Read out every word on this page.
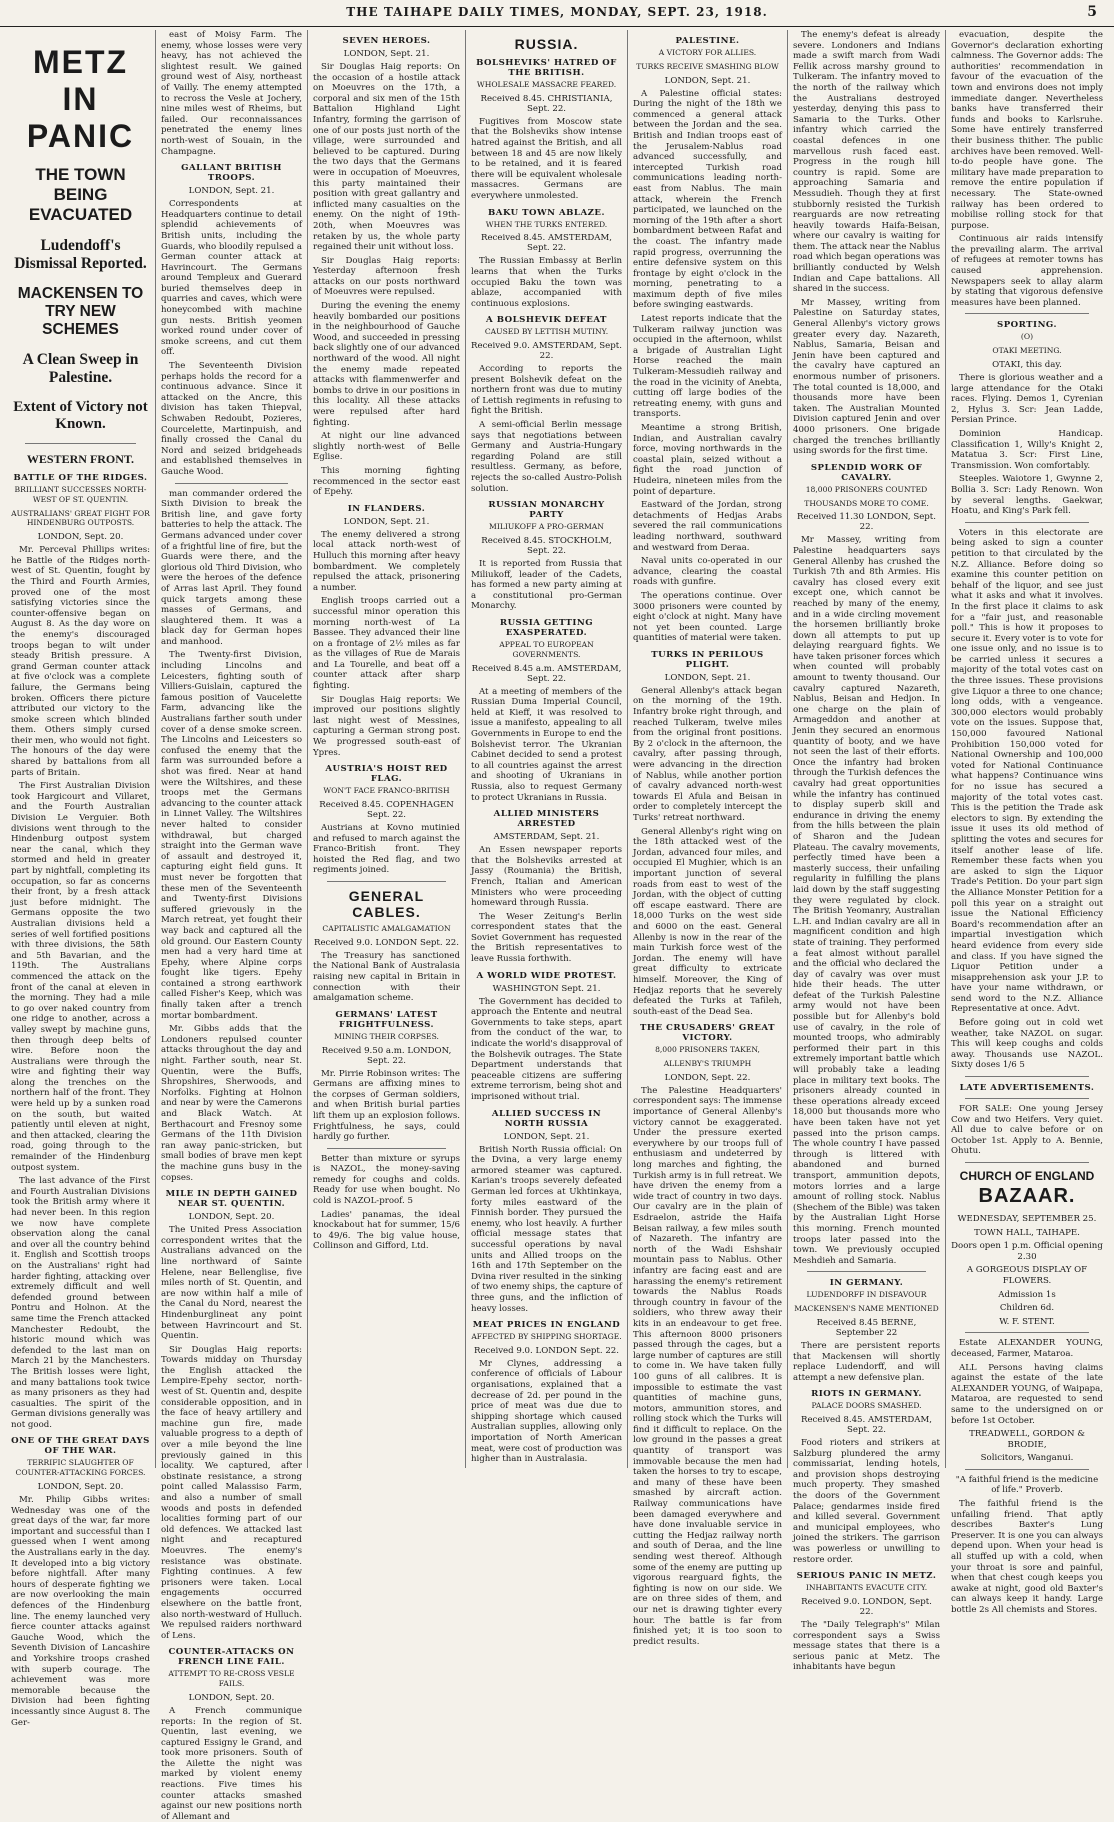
THE TAIHAPE DAILY TIMES, MONDAY, SEPT. 23, 1918.	5
METZ IN PANIC
THE TOWN BEING EVACUATED
Ludendoff's Dismissal Reported.
MACKENSEN TO TRY NEW SCHEMES
A Clean Sweep in Palestine.
Extent of Victory not Known.
WESTERN FRONT.
BATTLE OF THE RIDGES.
BRILLIANT SUCCESSES NORTH-WEST OF ST. QUENTIN.
AUSTRALIANS' GREAT FIGHT FOR HINDENBURG OUTPOSTS.
LONDON, Sept. 20.

Mr. Perceval Phillips writes: he Battle of the Ridges north-west of St. Quentin, fought by the Third and Fourth Armies, proved one of the most satisfying victories since the counter-offensive began on August 8. As the day wore on the enemy's discouraged troops began to wilt under steady British pressure. A grand German counter attack at five o'clock was a complete failure, the Germans being broken. Officers there picture attributed our victory to the smoke screen which blinded them. Others simply cursed their men, who would not fight. The honours of the day were shared by battalions from all parts of Britain.

The First Australian Division took Hargicourt and Villaret, and the Fourth Australian Division Le Verguier. Both divisions went through to the Hindenburg outpost system near the canal, which they stormed and held in greater part by nightfall, completing its occupation, so far as concerns their front, by a fresh attack just before midnight. The Germans opposite the two Australian divisions held a series of well fortified positions with three divisions, the 58th and 5th Bavarian, and the 119th. The Australians commenced the attack on the front of the canal at eleven in the morning. They had a mile to go over naked country from one ridge to another, across a valley swept by machine guns, then through deep belts of wire. Before noon the Australians were through the wire and fighting their way along the trenches on the northern half of the front. They were held up by a sunken road on the south, but waited patiently until eleven at night, and then attacked, clearing the road, going through to the remainder of the Hindenburg outpost system.

The last advance of the First and Fourth Australian Divisions took the British army where it had never been. In this region we now have complete observation along the canal and over all the country behind it. English and Scottish troops on the Australians' right had harder fighting, attacking over extremely difficult and well defended ground between Pontru and Holnon. At the same time the French attacked Manchester Redoubt, the historic mound which was defended to the last man on March 21 by the Manchesters. The British losses were light, and many battalions took twice as many prisoners as they had casualties. The spirit of the German divisions generally was not good.

ONE OF THE GREAT DAYS OF THE WAR.
TERRIFIC SLAUGHTER OF COUNTER-ATTACKING FORCES.
LONDON, Sept. 20.

Mr. Philip Gibbs writes: Wednesday was one of the great days of the war, far more important and successful than I guessed when I went among the Australians early in the day. It developed into a big victory before nightfall. After many hours of desperate fighting we are now overlooking the main defences of the Hindenburg line. The enemy launched very fierce counter attacks against Gauche Wood, which the Seventh Division of Lancashire and Yorkshire troops crashed with superb courage. The achievement was more memorable because the Division had been fighting incessantly since August 8. The Ger-

east of Moisy Farm. The enemy, whose losses were very heavy, has not achieved the slightest result. We gained ground west of Aisy, northeast of Vailly. The enemy attempted to recross the Vesle at Jochery, nine miles west of Rheims, but failed. Our reconnaissances penetrated the enemy lines north-west of Souain, in the Champagne.

GALLANT BRITISH TROOPS.
LONDON, Sept. 21.

Correspondents at Headquarters continue to detail splendid achievements of British units, including the Guards, who bloodily repulsed a German counter attack at Havrincourt. The Germans around Templeux and Guerard buried themselves deep in quarries and caves, which were honeycombed with machine gun nests. British yeomen worked round under cover of smoke screens, and cut them off.

The Seventeenth Division perhaps holds the record for a continuous advance. Since it attacked on the Ancre, this division has taken Thiepval, Schwaben Redoubt, Pozieres, Courcelette, Martinpuish, and finally crossed the Canal du Nord and seized bridgeheads and established themselves in Gauche Wood.

man commander ordered the Sixth Division to break the British line, and gave forty batteries to help the attack. The Germans advanced under cover of a frightful line of fire, but the Guards were there, and the glorious old Third Division, who were the heroes of the defence of Arras last April. They found quick targets among these masses of Germans, and slaughtered them. It was a black day for German hopes and manhood.

The Twenty-first Division, including Lincolns and Leicesters, fighting south of Villiers-Guislain, captured the famous position of Vaucelette Farm, advancing like the Australians farther south under cover of a dense smoke screen. The Lincolns and Leicesters so confused the enemy that the farm was surrounded before a shot was fired. Near at hand were the Wiltshires, and these troops met the Germans advancing to the counter attack in Linnet Valley. The Wiltshires never halted to consider withdrawal, but charged straight into the German wave of assault and destroyed it, capturing eight field guns. It must never be forgotten that these men of the Seventeenth and Twenty-first Divisions suffered grievously in the March retreat, yet fought their way back and captured all the old ground. Our Eastern County men had a very hard time at Epehy, where Alpine corps fought like tigers. Epehy contained a strong earthwork called Fisher's Keep, which was finally taken after a trench mortar bombardment.

Mr. Gibbs adds that the Londoners repulsed counter attacks throughout the day and night. Farther south, near St. Quentin, were the Buffs, Shropshires, Sherwoods, and Norfolks. Fighting at Holnon and near by were the Camerons and Black Watch. At Berthacourt and Fresnoy some Germans of the 11th Division ran away panic-stricken, but small bodies of brave men kept the machine guns busy in the copses.

MILE IN DEPTH GAINED NEAR ST. QUENTIN.
LONDON, Sept. 20.

The United Press Association correspondent writes that the Australians advanced on the line northward of Sainte Helene, near Bellenglise, five miles north of St. Quentin, and are now within half a mile of the Canal du Nord, nearest the Hindenburglineat any point between Havrincourt and St. Quentin.

Sir Douglas Haig reports: Towards midday on Thursday the English attacked the Lempire-Epehy sector, north-west of St. Quentin and, despite considerable opposition, and in the face of heavy artillery and machine gun fire, made valuable progress to a depth of over a mile beyond the line previously gained in this locality. We captured, after obstinate resistance, a strong point called Malassiso Farm, and also a number of small woods and posts in defended localities forming part of our old defences. We attacked last night and recaptured Moeuvres. The enemy's resistance was obstinate. Fighting continues. A few prisoners were taken. Local engagements occurred elsewhere on the battle front, also north-westward of Hulluch. We repulsed raiders northward of Lens.

COUNTER-ATTACKS ON FRENCH LINE FAIL.
ATTEMPT TO RE-CROSS VESLE FAILS.
LONDON, Sept. 20.

A French communique reports: In the region of St. Quentin, last evening, we captured Essigny le Grand, and took more prisoners. South of the Ailette the night was marked by violent enemy reactions. Five times his counter attacks smashed against our new positions north of Allemant and

SEVEN HEROES.
LONDON, Sept. 21.

Sir Douglas Haig reports: On the occasion of a hostile attack on Moeuvres on the 17th, a corporal and six men of the 15th Battalion Highland Light Infantry, forming the garrison of one of our posts just north of the village, were surrounded and believed to be captured. During the two days that the Germans were in occupation of Moeuvres, this party maintained their position with great gallantry and inflicted many casualties on the enemy. On the night of 19th-20th, when Moeuvres was retaken by us, the whole party regained their unit without loss.

Sir Douglas Haig reports: Yesterday afternoon fresh attacks on our posts northward of Moeuvres were repulsed.

During the evening the enemy heavily bombarded our positions in the neighbourhood of Gauche Wood, and succeeded in pressing back slightly one of our advanced northward of the wood. All night the enemy made repeated attacks with flammenwerfer and bombs to drive in our positions in this locality. All these attacks were repulsed after hard fighting.

At night our line advanced slightly north-west of Belle Eglise.

This morning fighting recommenced in the sector east of Epehy.

IN FLANDERS.
LONDON, Sept. 21.

The enemy delivered a strong local attack north-west of Hulluch this morning after heavy bombardment. We completely repulsed the attack, prisonering a number.

English troops carried out a successful minor operation this morning north-west of La Bassee. They advanced their line on a frontage of 2½ miles as far as the villages of Rue de Marais and La Tourelle, and beat off a counter attack after sharp fighting.

Sir Douglas Haig reports: We improved our positions slightly last night west of Messines, capturing a German strong post. We progressed south-east of Ypres.

AUSTRIA'S HOIST RED FLAG.
WON'T FACE FRANCO-BRITISH
Received 8.45. COPENHAGEN Sept. 22.

Austrians at Kovno mutinied and refused to march against the Franco-British front. They hoisted the Red flag, and two regiments joined.

GENERAL CABLES.
CAPITALISTIC AMALGAMATION
Received 9.0. LONDON Sept. 22.

The Treasury has sanctioned the National Bank of Australasia raising new capital in Britain in connection with their amalgamation scheme.

GERMANS' LATEST FRIGHTFULNESS.
MINING THEIR CORPSES.
Received 9.50 a.m. LONDON, Sept. 22.

Mr. Pirrie Robinson writes: The Germans are affixing mines to the corpses of German soldiers, and when British burial parties lift them up an explosion follows. Frightfulness, he says, could hardly go further.

Better than mixture or syrups is NAZOL, the money-saving remedy for coughs and colds. Ready for use when bought. No cold is NAZOL-proof. 5

Ladies' panamas, the ideal knockabout hat for summer, 15/6 to 49/6. The big value house, Collinson and Gifford, Ltd.

RUSSIA.
BOLSHEVIKS' HATRED OF THE BRITISH.
WHOLESALE MASSACRE FEARED.
Received 8.45. CHRISTIANIA, Sept. 22.

Fugitives from Moscow state that the Bolsheviks show intense hatred against the British, and all between 18 and 45 are now likely to be retained, and it is feared there will be equivalent wholesale massacres. Germans are everywhere unmolested.

BAKU TOWN ABLAZE.
WHEN THE TURKS ENTERED.
Received 8.45. AMSTERDAM, Sept. 22.

The Russian Embassy at Berlin learns that when the Turks occupied Baku the town was ablaze, accompanied with continuous explosions.

A BOLSHEVIK DEFEAT
CAUSED BY LETTISH MUTINY.
Received 9.0. AMSTERDAM, Sept. 22.

According to reports the present Bolshevik defeat on the northern front was due to mutiny of Lettish regiments in refusing to fight the British.

A semi-official Berlin message says that negotiations between Germany and Austria-Hungary regarding Poland are still resultless. Germany, as before, rejects the so-called Austro-Polish solution.

RUSSIAN MONARCHY PARTY
MILIUKOFF A PRO-GERMAN
Received 8.45. STOCKHOLM, Sept. 22.

It is reported from Russia that Miliukoff, leader of the Cadets, has formed a new party aiming at a constitutional pro-German Monarchy.

RUSSIA GETTING EXASPERATED.
APPEAL TO EUROPEAN GOVERNMENTS.
Received 8.45 a.m. AMSTERDAM, Sept. 22.

At a meeting of members of the Russian Duma Imperial Council, held at Kieff, it was resolved to issue a manifesto, appealing to all Governments in Europe to end the Bolshevist terror. The Ukranian Cabinet decided to send a protest to all countries against the arrest and shooting of Ukranians in Russia, also to request Germany to protect Ukranians in Russia.

ALLIED MINISTERS ARRESTED
AMSTERDAM, Sept. 21.

An Essen newspaper reports that the Bolsheviks arrested at Jassy (Roumania) the British, French, Italian and American Ministers who were proceeding homeward through Russia.

The Weser Zeitung's Berlin correspondent states that the Soviet Government has requested the British representatives to leave Russia forthwith.

A WORLD WIDE PROTEST.
WASHINGTON Sept. 21.

The Government has decided to approach the Entente and neutral Governments to take steps, apart from the conduct of the war, to indicate the world's disapproval of the Bolshevik outrages. The State Department understands that peaceable citizens are suffering extreme terrorism, being shot and imprisoned without trial.

ALLIED SUCCESS IN NORTH RUSSIA
LONDON, Sept. 21.

British North Russia official: On the Dvina, a very large enemy armored steamer was captured. Karian's troops severely defeated German led forces at Ukhtinkaya, forty miles eastward of the Finnish border. They pursued the enemy, who lost heavily. A further official message states that successful operations by naval units and Allied troops on the 16th and 17th September on the Dvina river resulted in the sinking of two enemy ships, the capture of three guns, and the infliction of heavy losses.

MEAT PRICES IN ENGLAND
AFFECTED BY SHIPPING SHORTAGE.
Received 9.0. LONDON Sept. 22.

Mr Clynes, addressing a conference of officials of Labour organisations, explained that a decrease of 2d. per pound in the price of meat was due due to shipping shortage which caused Australian supplies, allowing only importation of North American meat, were cost of production was higher than in Australasia.

PALESTINE.
A VICTORY FOR ALLIES.
TURKS RECEIVE SMASHING BLOW
LONDON, Sept. 21.

A Palestine official states: During the night of the 18th we commenced a general attack between the Jordan and the sea. British and Indian troops east of the Jerusalem-Nablus road advanced successfully, and intercepted Turkish road communications leading north-east from Nablus. The main attack, wherein the French participated, we launched on the morning of the 19th after a short bombardment between Rafat and the coast. The infantry made rapid progress, overrunning the entire defensive system on this frontage by eight o'clock in the morning, penetrating to a maximum depth of five miles before swinging eastwards.

Latest reports indicate that the Tulkeram railway junction was occupied in the afternoon, whilst a brigade of Australian Light Horse reached the main Tulkeram-Messudieh railway and the road in the vicinity of Anebta, cutting off large bodies of the retreating enemy, with guns and transports.

Meantime a strong British, Indian, and Australian cavalry force, moving northwards in the coastal plain, seized without a fight the road junction of Hudeira, nineteen miles from the point of departure.

Eastward of the Jordan, strong detachments of Hedjas Arabs severed the rail communications leading northward, southward and westward from Deraa.

Naval units co-operated in our advance, clearing the coastal roads with gunfire.

The operations continue. Over 3000 prisoners were counted by eight o'clock at night. Many have not yet been counted. Large quantities of material were taken.

TURKS IN PERILOUS PLIGHT.
LONDON, Sept. 21.

General Allenby's attack began on the morning of the 19th. Infantry broke right through, and reached Tulkeram, twelve miles from the original front positions. By 2 o'clock in the afternoon, the cavalry, after passing through, were advancing in the direction of Nablus, while another portion of cavalry advanced north-west towards El Afula and Beisan in order to completely intercept the Turks' retreat northward.

General Allenby's right wing on the 18th attacked west of the Jordan, advanced four miles, and occupied El Mughier, which is an important junction of several roads from east to west of the Jordan, with the object of cutting off escape eastward. There are 18,000 Turks on the west side and 6000 on the east. General Allenby is now in the rear of the main Turkish force west of the Jordan. The enemy will have great difficulty to extricate himself. Moreover, the King of Hedjaz reports that he severely defeated the Turks at Tafileh, south-east of the Dead Sea.

THE CRUSADERS' GREAT VICTORY.
8,000 PRISONERS TAKEN,
ALLENBY'S TRIUMPH
LONDON, Sept. 22.

The Palestine Headquarters' correspondent says: The immense importance of General Allenby's victory cannot be exaggerated. Under the pressure exerted everywhere by our troops full of enthusiasm and undeterred by long marches and fighting, the Turkish army is in full retreat. We have driven the enemy from a wide tract of country in two days. Our cavalry are in the plain of Esdraelon, astride the Haifa Beisan railway, a few miles south of Nazareth. The infantry are north of the Wadi Eshshair mountain pass to Nablus. Other infantry are facing east and are harassing the enemy's retirement towards the Nablus Roads through country in favour of the soldiers, who threw away their kits in an endeavour to get free. This afternoon 8000 prisoners passed through the cages, but a large number of captures are still to come in. We have taken fully 100 guns of all calibres. It is impossible to estimate the vast quantities of machine guns, motors, ammunition stores, and rolling stock which the Turks will find it difficult to replace. On the low ground in the passes a great quantity of transport was immovable because the men had taken the horses to try to escape, and many of these have been smashed by aircraft action. Railway communications have been damaged everywhere and have done invaluable service in cutting the Hedjaz railway north and south of Deraa, and the line sending west thereof. Although some of the enemy are putting up vigorous rearguard fights, the fighting is now on our side. We are on three sides of them, and our net is drawing tighter every hour. The battle is far from finished yet; it is too soon to predict results.

The enemy's defeat is already severe. Londoners and Indians made a swift march from Wadi Fellik across marshy ground to Tulkeram. The infantry moved to the north of the railway which the Australians destroyed yesterday, denying this pass to Samaria to the Turks. Other infantry which carried the coastal defences in one marvellous rush faced east. Progress in the rough hill country is rapid. Some are approaching Samaria and Messudieh. Though they at first stubbornly resisted the Turkish rearguards are now retreating heavily towards Haifa-Beisan, where our cavalry is waiting for them. The attack near the Nablus road which began operations was brilliantly conducted by Welsh Indian and Cape battalions. All shared in the success.

Mr Massey, writing from Palestine on Saturday states, General Allenby's victory grows greater every day. Nazareth, Nablus, Samaria, Beisan and Jenin have been captured and the cavalry have captured an enormous number of prisoners. The total counted is 18,000, and thousands more have been taken. The Australian Mounted Division captured Jenin and over 4000 prisoners. One brigade charged the trenches brilliantly using swords for the first time.

SPLENDID WORK OF CAVALRY.
18,000 PRISONERS COUNTED
THOUSANDS MORE TO COME.
Received 11.30 LONDON, Sept. 22.

Mr Massey, writing from Palestine headquarters says General Allenby has crushed the Turkish 7th and 8th Armies. His cavalry has closed every exit except one, which cannot be reached by many of the enemy, and in a wide circling movement the horsemen brilliantly broke down all attempts to put up delaying rearguard fights. We have taken prisoner forces which when counted will probably amount to twenty thousand. Our cavalry captured Nazareth, Nablus, Beisan and Hedjon. In one charge on the plain of Armageddon and another at Jenin they secured an enormous quantity of booty, and we have not seen the last of their efforts. Once the infantry had broken through the Turkish defences the cavalry had great opportunities while the infantry has continued to display superb skill and endurance in driving the enemy from the hills between the plain of Sharon and the Judean Plateau. The cavalry movements, perfectly timed have been a masterly success, their unfailing regularity in fulfilling the plans laid down by the staff suggesting they were regulated by clock. The British Yeomanry, Australian L.H. and Indian cavalry are all in magnificent condition and high state of training. They performed a feat almost without parallel and the official who declared the day of cavalry was over must hide their heads. The utter defeat of the Turkish Palestine army would not have been possible but for Allenby's bold use of cavalry, in the role of mounted troops, who admirably performed their part in this extremely important battle which will probably take a leading place in military text books. The prisoners already counted in these operations already exceed 18,000 but thousands more who have been taken have not yet passed into the prison camps. The whole country I have passed through is littered with abandoned and burned transport, ammunition depots, motors lorries and a large amount of rolling stock. Nablus (Shechem of the Bible) was taken by the Australian Light Horse this morning. French mounted troops later passed into the town. We previously occupied Meshdieh and Samaria.

IN GERMANY.
LUDENDORFF IN DISFAVOUR
MACKENSEN'S NAME MENTIONED
Received 8.45 BERNE, September 22

There are persistent reports that Mackensen will shortly replace Ludendorff, and will attempt a new defensive plan.

RIOTS IN GERMANY.
PALACE DOORS SMASHED.
Received 8.45. AMSTERDAM, Sept. 22.

Food rioters and strikers at Salzburg plundered the army commissariat, lending hotels, and provision shops destroying much property. They smashed the doors of the Government Palace; gendarmes inside fired and killed several. Government and municipal employees, who joined the strikers. The garrison was powerless or unwilling to restore order.

SERIOUS PANIC IN METZ.
INHABITANTS EVACUTE CITY.
Received 9.0. LONDON, Sept. 22.

The "Daily Telegraph's" Milan correspondent says a Swiss message states that there is a serious panic at Metz. The inhabitants have begun

evacuation, despite the Governor's declaration exhorting calmness. The Governor adds: The authorities' recommendation in favour of the evacuation of the town and environs does not imply immediate danger. Nevertheless banks have transferred their funds and books to Karlsruhe. Some have entirely transferred their business thither. The public archives have been removed. Well-to-do people have gone. The military have made preparation to remove the entire population if necessary. The State-owned railway has been ordered to mobilise rolling stock for that purpose.

Continuous air raids intensify the prevailing alarm. The arrival of refugees at remoter towns has caused apprehension. Newspapers seek to allay alarm by stating that vigorous defensive measures have been planned.

SPORTING.
(O)
OTAKI MEETING.
OTAKI, this day.

There is glorious weather and a large attendance for the Otaki races. Flying. Demos 1, Cyrenian 2, Hylus 3. Scr: Jean Ladde, Persian Prince.

Dominion Handicap. Classification 1, Willy's Knight 2, Matatua 3. Scr: First Line, Transmission. Won comfortably.

Steeples. Waiotore 1, Gwynne 2, Bollia 3. Scr: Lady Renown. Won by several lengths. Gaekwar, Hoatu, and King's Park fell.

Voters in this electorate are being asked to sign a counter petition to that circulated by the N.Z. Alliance. Before doing so examine this counter petition on behalf of the liquor, and see just what it asks and what it involves. In the first place it claims to ask for a "fair just, and reasonable poll." This is how it proposes to secure it. Every voter is to vote for one issue only, and no issue is to be carried unless it secures a majority of the total votes cast on the three issues. These provisions give Liquor a three to one chance; long odds, with a vengeance. 300,000 electors would probably vote on the issues. Suppose that, 150,000 favoured National Prohibition 150,000 voted for National Ownership and 100,000 voted for National Continuance what happens? Continuance wins for no issue has secured a majority of the total votes cast. This is the petition the Trade ask electors to sign. By extending the issue it uses its old method of splitting the votes and secures for itself another lease of life. Remember these facts when you are asked to sign the Liquor Trade's Petition. Do your part sign the Alliance Monster Petition for a poll this year on a straight out issue the National Efficiency Board's recommendation after an impartial investigation which heard evidence from every side and class. If you have signed the Liquor Petition under a misapprehension ask your J.P. to have your name withdrawn, or send word to the N.Z. Alliance Representative at once. Advt.

Before going out in cold wet weather, take NAZOL on sugar. This will keep coughs and colds away. Thousands use NAZOL. Sixty doses 1/6 5

LATE ADVERTISEMENTS.

FOR SALE: One young Jersey Cow and two Heifers. Very quiet. All due to calve before or on October 1st. Apply to A. Bennie, Ohutu.

CHURCH OF ENGLAND
BAZAAR.

WEDNESDAY, SEPTEMBER 25.

TOWN HALL, TAIHAPE.

Doors open 1 p.m. Official opening 2.30

A GORGEOUS DISPLAY OF FLOWERS.

Admission 1s

Children 6d.

W. F. STENT.

Estate ALEXANDER YOUNG, deceased, Farmer, Mataroa.

ALL Persons having claims against the estate of the late ALEXANDER YOUNG, of Waipapa, Mataroa, are requested to send same to the undersigned on or before 1st October.

TREADWELL, GORDON & BRODIE,

Solicitors, Wanganui.

"A faithful friend is the medicine of life." Proverb.

The faithful friend is the unfailing friend. That aptly describes Baxter's Lung Preserver. It is one you can always depend upon. When your head is all stuffed up with a cold, when your throat is sore and painful, when that chest cough keeps you awake at night, good old Baxter's can always keep it handy. Large bottle 2s All chemists and Stores.
